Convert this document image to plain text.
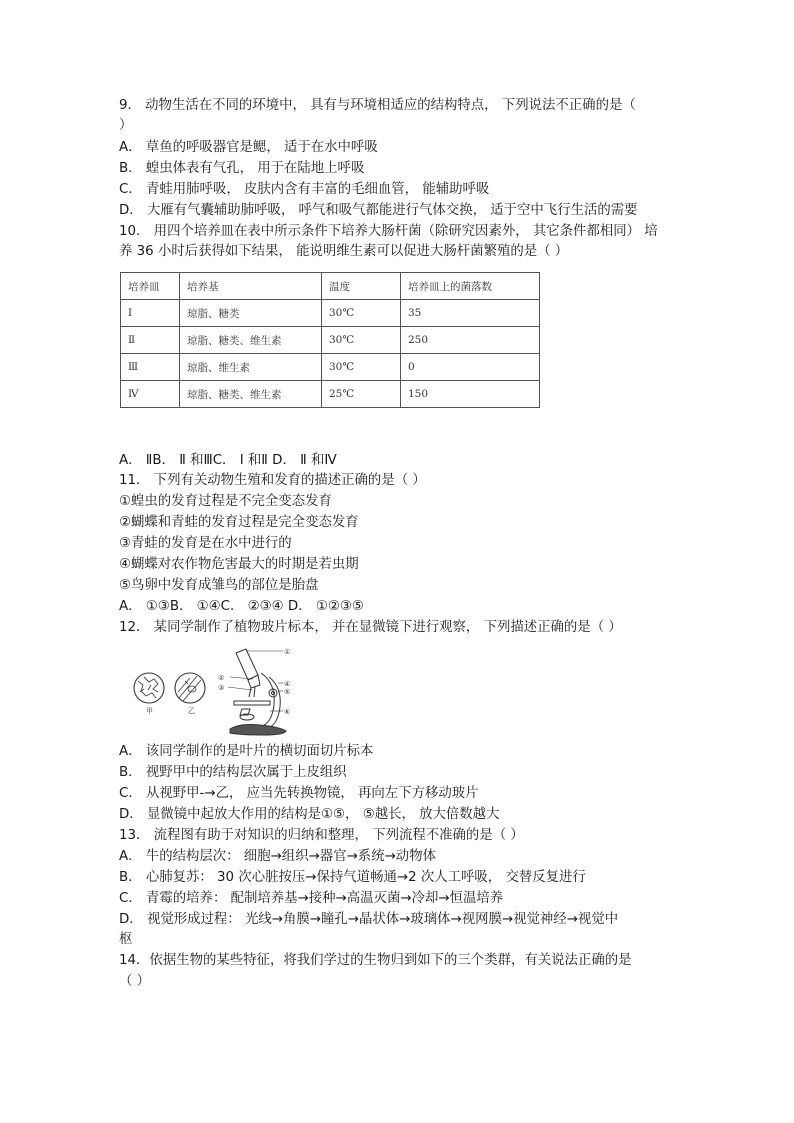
9． 动物生活在不同的环境中， 具有与环境相适应的结构特点， 下列说法不正确的是（
）
A． 草鱼的呼吸器官是鳃， 适于在水中呼吸
B． 蝗虫体表有气孔， 用于在陆地上呼吸
C． 青蛙用肺呼吸， 皮肤内含有丰富的毛细血管， 能辅助呼吸
D． 大雁有气囊辅助肺呼吸， 呼气和吸气都能进行气体交换， 适于空中飞行生活的需要
10． 用四个培养皿在表中所示条件下培养大肠杆菌（除研究因素外， 其它条件都相同） 培
养 36 小时后获得如下结果， 能说明维生素可以促进大肠杆菌繁殖的是（ ）
培养皿	培养基	温度	培养皿上的菌落数
Ⅰ	琼脂、糖类	30℃	35
Ⅱ	琼脂、糖类、维生素	30℃	250
Ⅲ	琼脂、维生素	30℃	0
Ⅳ	琼脂、糖类、维生素	25℃	150
A． ⅡB． Ⅱ 和ⅢC． Ⅰ 和Ⅱ D． Ⅱ 和Ⅳ
11． 下列有关动物生殖和发育的描述正确的是（ ）
①蝗虫的发育过程是不完全变态发育
②蝴蝶和青蛙的发育过程是完全变态发育
③青蛙的发育是在水中进行的
④蝴蝶对农作物危害最大的时期是若虫期
⑤鸟卵中发育成雏鸟的部位是胎盘
A． ①③B． ①④C． ②③④ D． ①②③⑤
12． 某同学制作了植物玻片标本， 并在显微镜下进行观察， 下列描述正确的是（ ）
甲	乙
①
②
③	④
⑤
⑥
A． 该同学制作的是叶片的横切面切片标本
B． 视野甲中的结构层次属于上皮组织
C． 从视野甲-→乙， 应当先转换物镜， 再向左下方移动玻片
D． 显微镜中起放大作用的结构是①⑤， ⑤越长， 放大倍数越大
13． 流程图有助于对知识的归纳和整理， 下列流程不准确的是（ ）
A． 牛的结构层次： 细胞→组织→器官→系统→动物体
B． 心肺复苏： 30 次心脏按压→保持气道畅通→2 次人工呼吸， 交替反复进行
C． 青霉的培养： 配制培养基→接种→高温灭菌→冷却→恒温培养
D． 视觉形成过程： 光线→角膜→瞳孔→晶状体→玻璃体→视网膜→视觉神经→视觉中
枢
14．依据生物的某些特征，将我们学过的生物归到如下的三个类群，有关说法正确的是
（ ）
